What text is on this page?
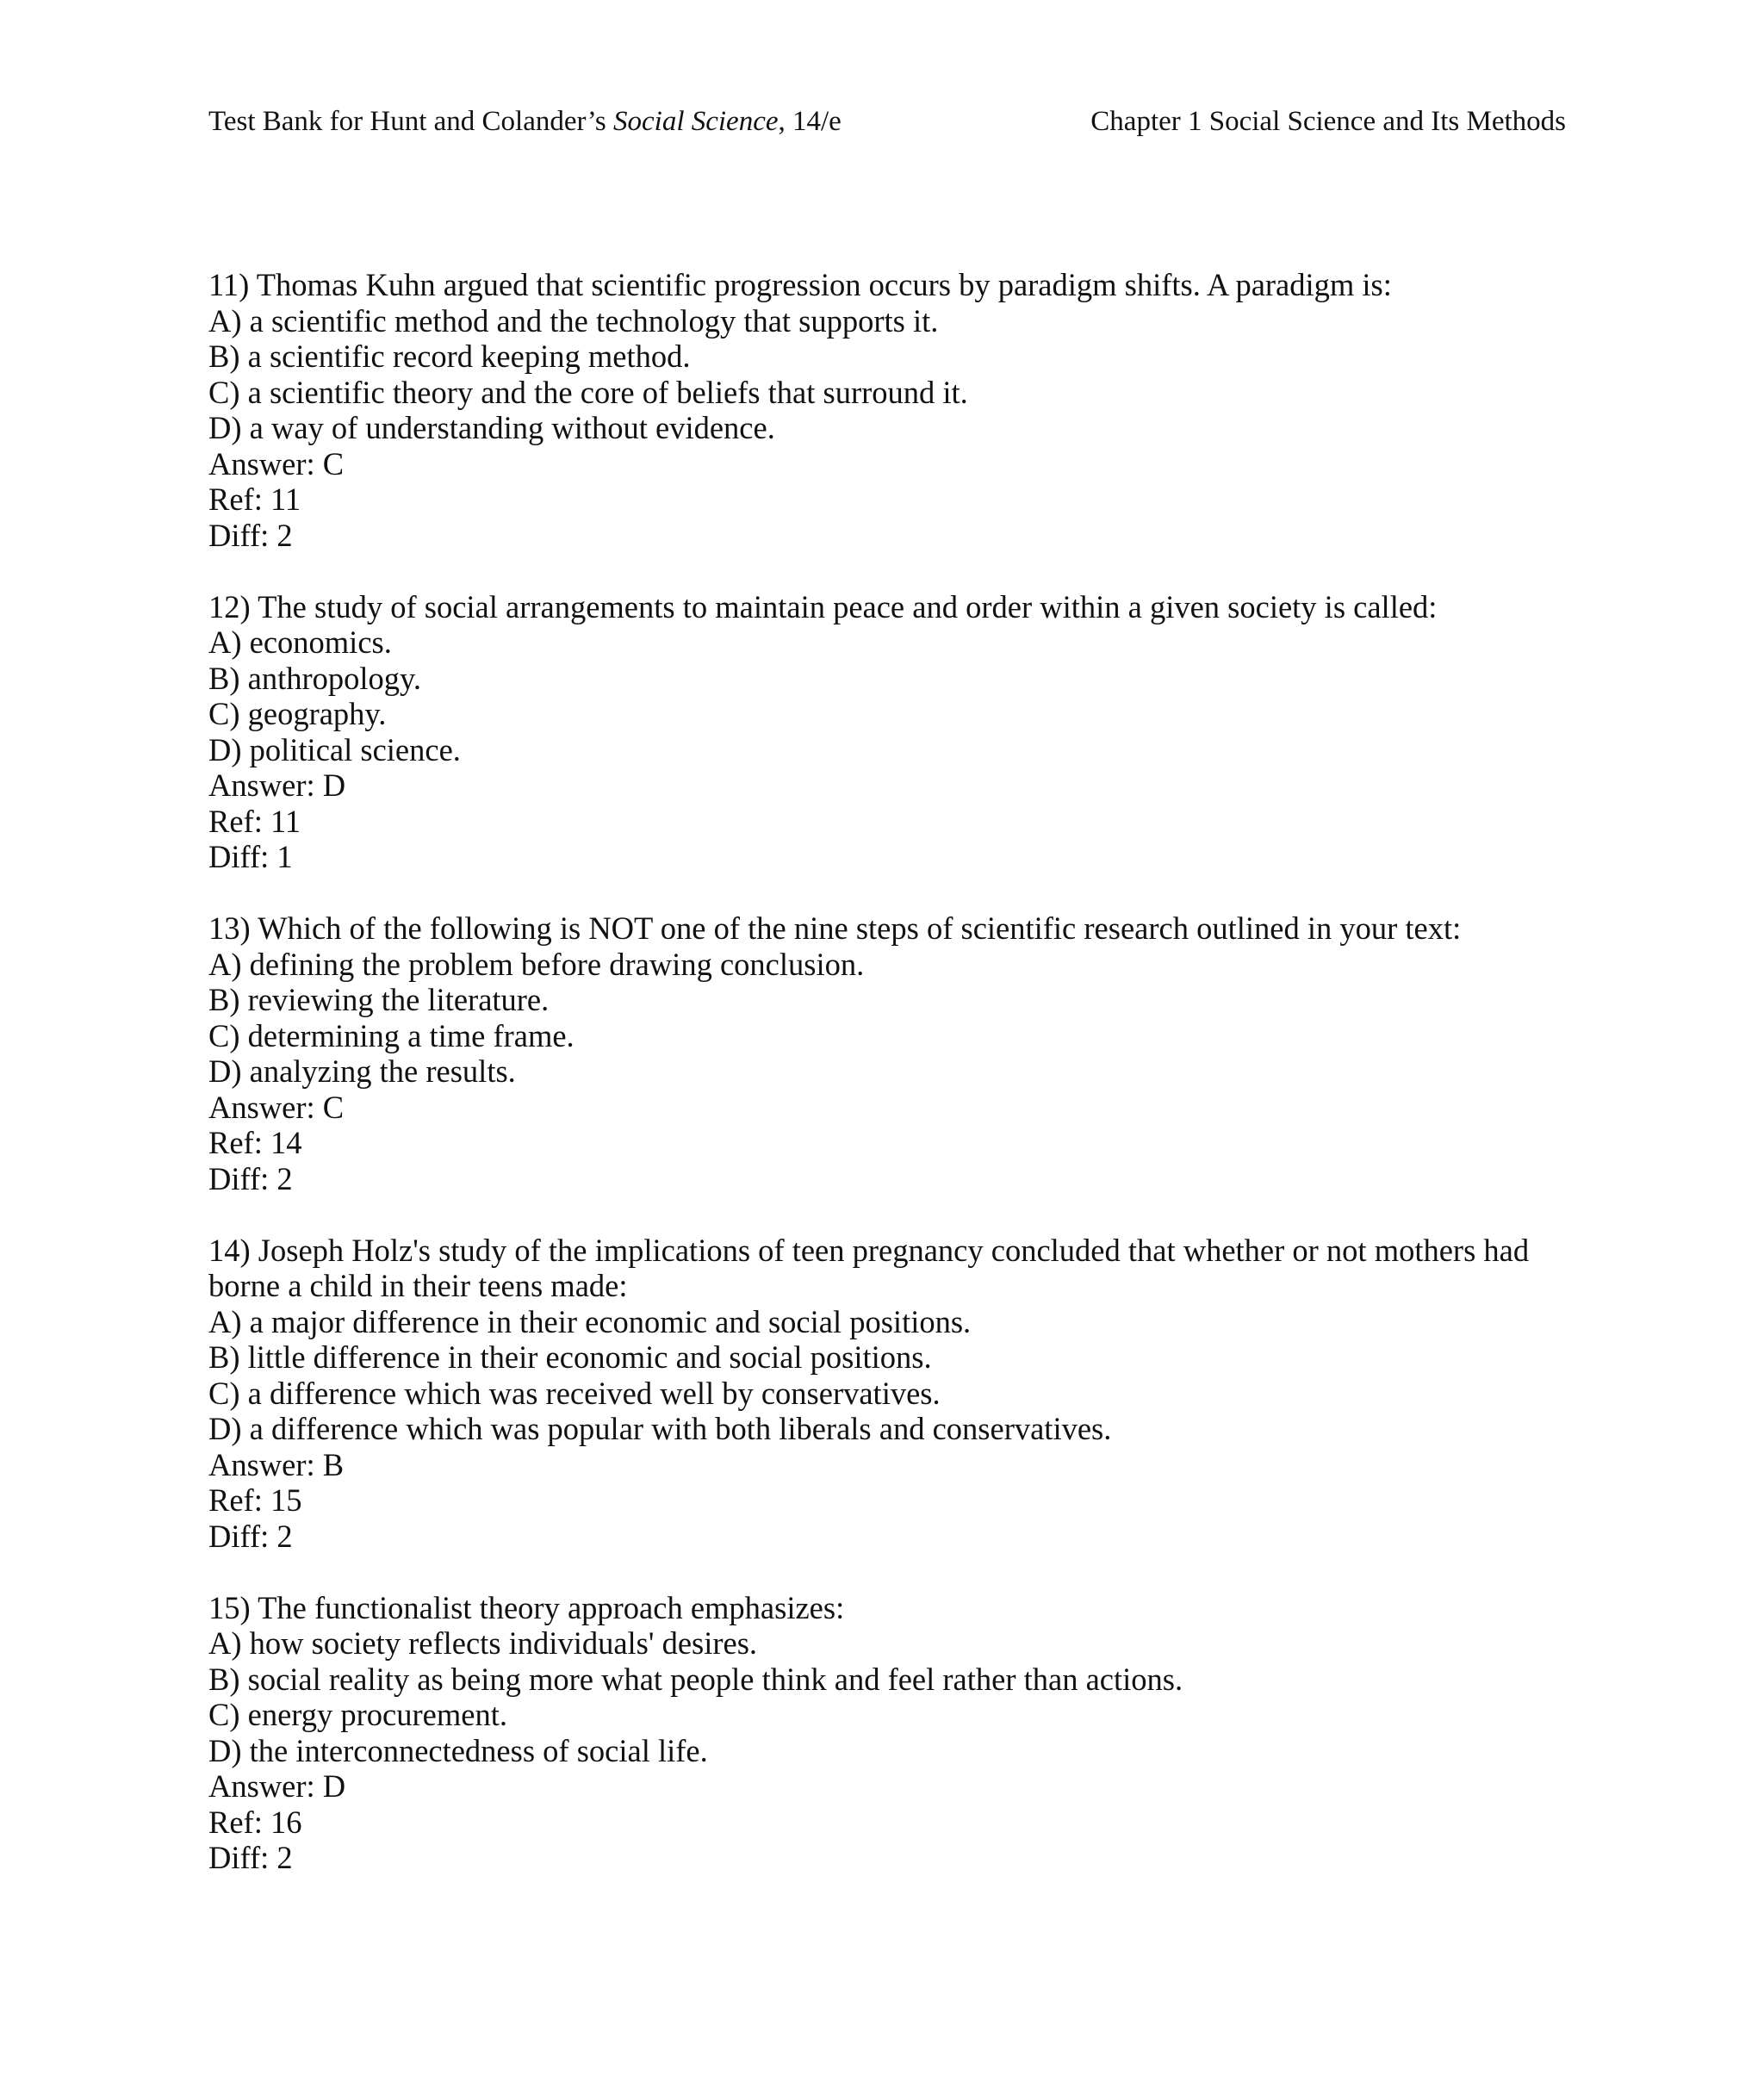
Test Bank for Hunt and Colander’s Social Science, 14/e	Chapter 1 Social Science and Its Methods

11) Thomas Kuhn argued that scientific progression occurs by paradigm shifts. A paradigm is:

A) a scientific method and the technology that supports it.

B) a scientific record keeping method.

C) a scientific theory and the core of beliefs that surround it.

D) a way of understanding without evidence.

Answer: C

Ref: 11

Diff: 2

12) The study of social arrangements to maintain peace and order within a given society is called:

A) economics.

B) anthropology.

C) geography.

D) political science.

Answer: D

Ref: 11

Diff: 1

13) Which of the following is NOT one of the nine steps of scientific research outlined in your text:

A) defining the problem before drawing conclusion.

B) reviewing the literature.

C) determining a time frame.

D) analyzing the results.

Answer: C

Ref: 14

Diff: 2

14) Joseph Holz's study of the implications of teen pregnancy concluded that whether or not mothers had borne a child in their teens made:

A) a major difference in their economic and social positions.

B) little difference in their economic and social positions.

C) a difference which was received well by conservatives.

D) a difference which was popular with both liberals and conservatives.

Answer: B

Ref: 15

Diff: 2

15) The functionalist theory approach emphasizes:

A) how society reflects individuals' desires.

B) social reality as being more what people think and feel rather than actions.

C) energy procurement.

D) the interconnectedness of social life.

Answer: D

Ref: 16

Diff: 2
